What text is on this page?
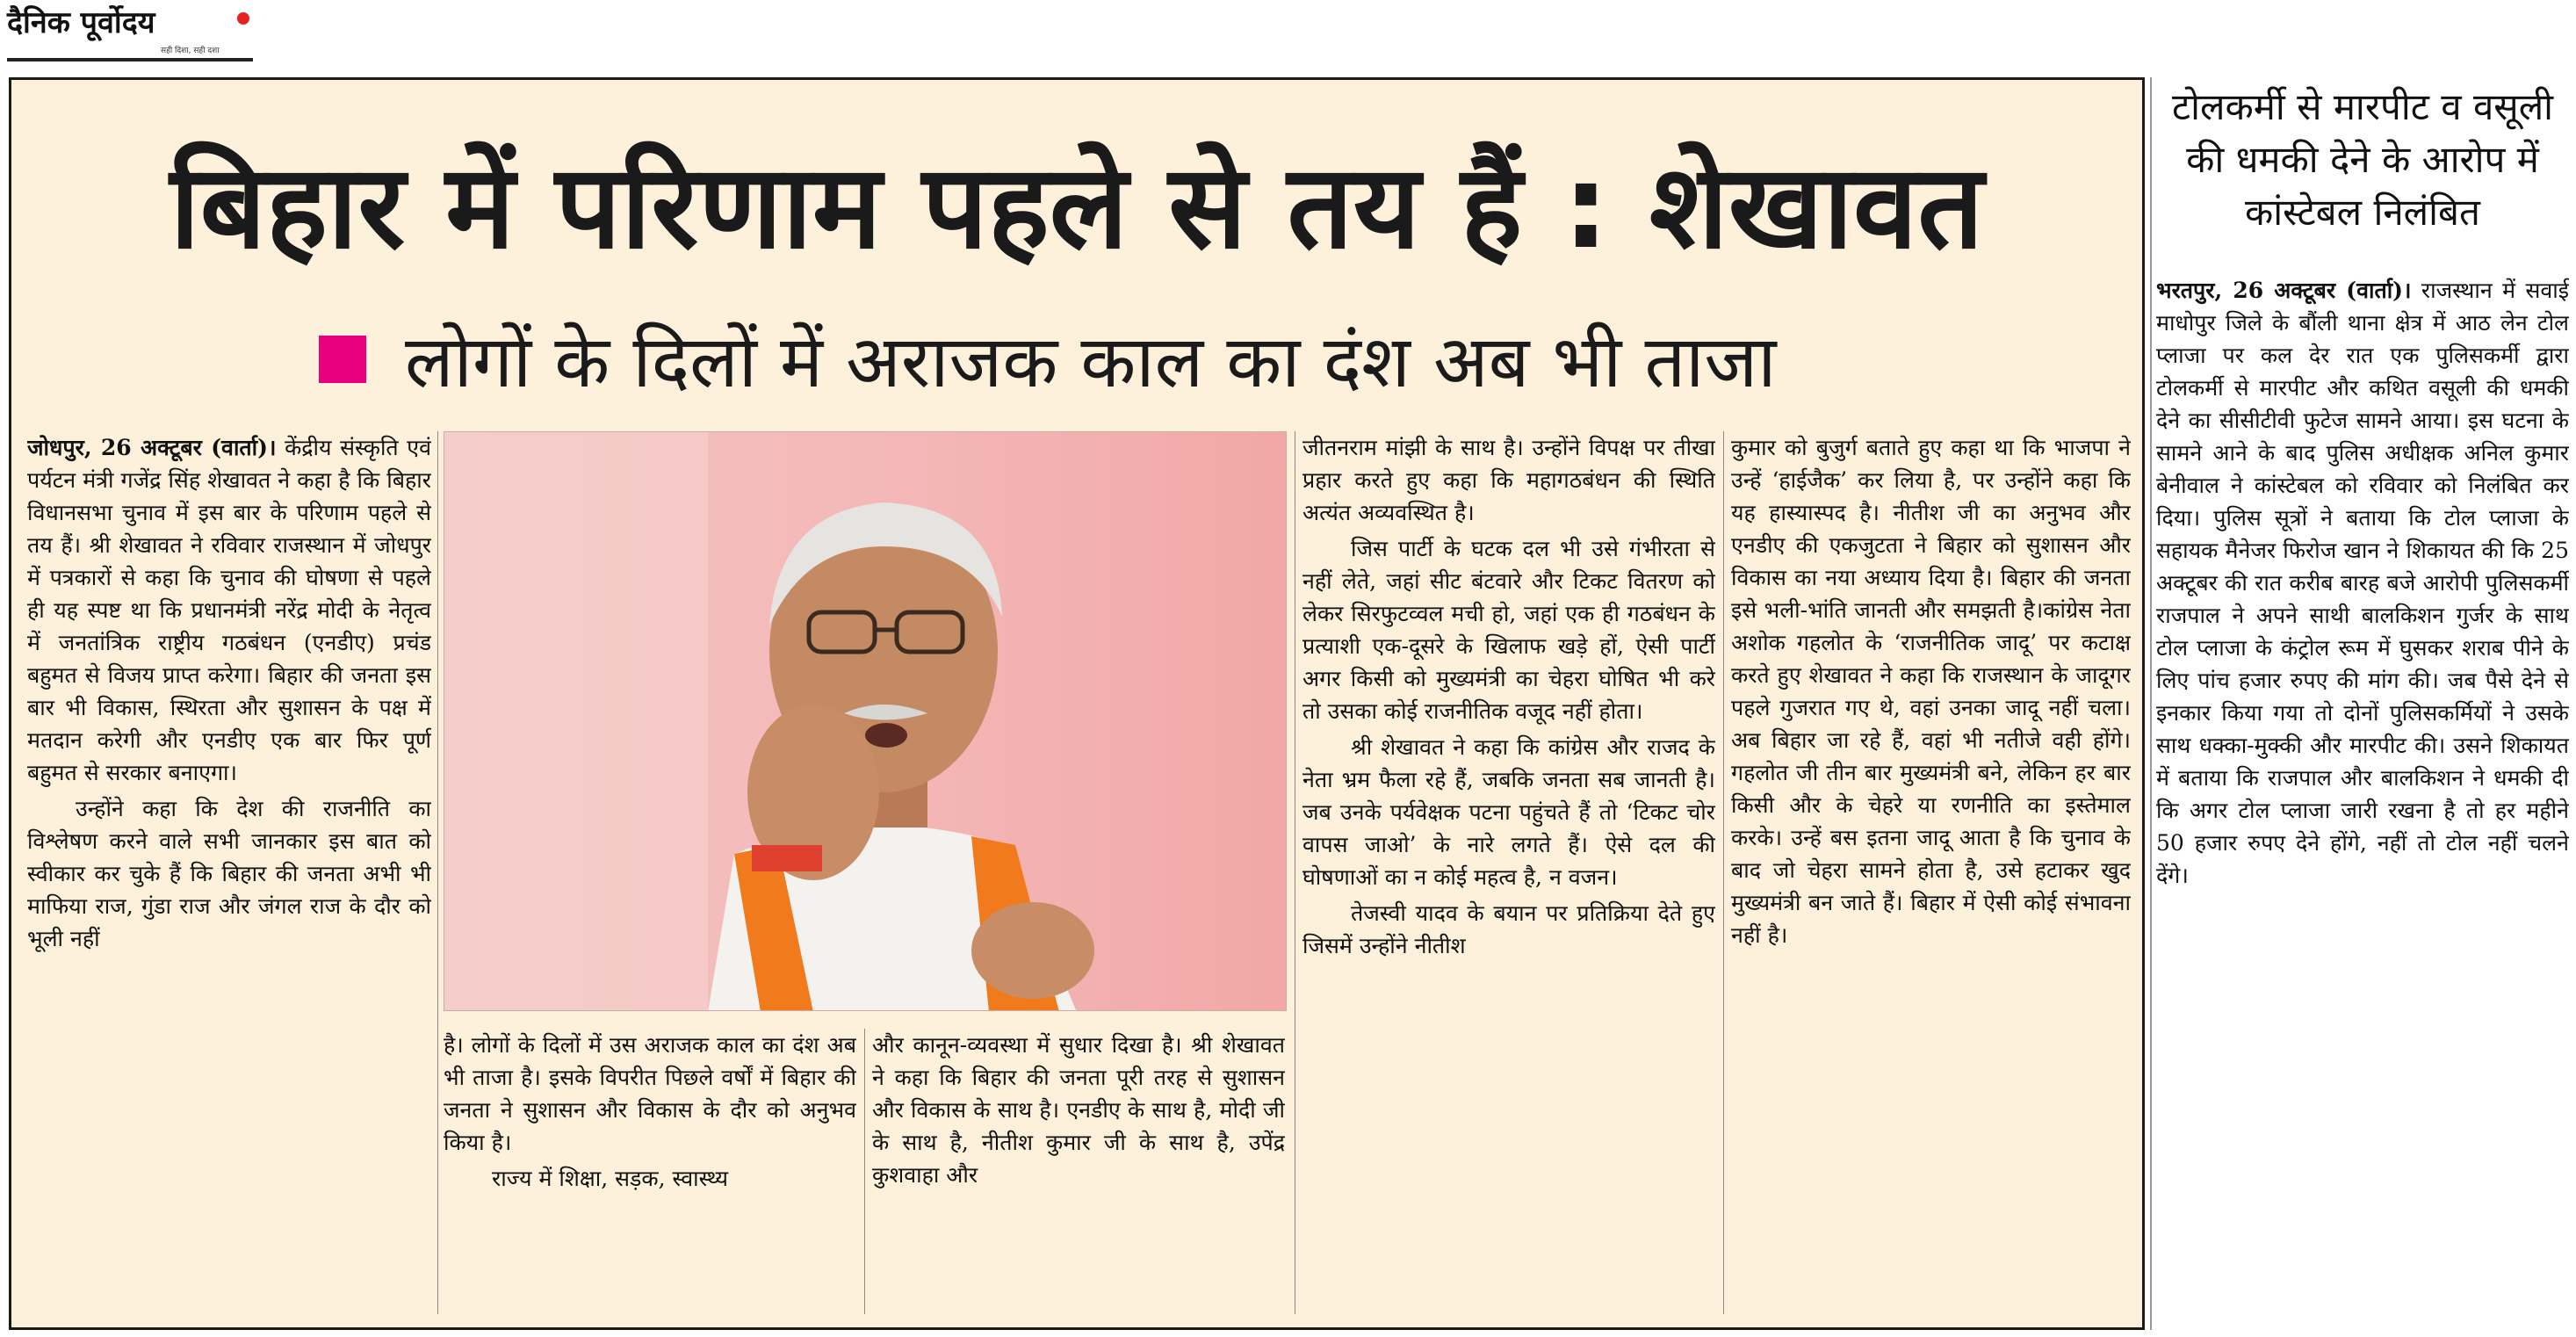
दैनिक पूर्वोदय
सही दिशा, सही दशा
बिहार में परिणाम पहले से तय हैं : शेखावत
लोगों के दिलों में अराजक काल का दंश अब भी ताजा

जोधपुर, 26 अक्टूबर (वार्ता)। केंद्रीय संस्कृति एवं पर्यटन मंत्री गजेंद्र सिंह शेखावत ने कहा है कि बिहार विधानसभा चुनाव में इस बार के परिणाम पहले से तय हैं। श्री शेखावत ने रविवार राजस्थान में जोधपुर में पत्रकारों से कहा कि चुनाव की घोषणा से पहले ही यह स्पष्ट था कि प्रधानमंत्री नरेंद्र मोदी के नेतृत्व में जनतांत्रिक राष्ट्रीय गठबंधन (एनडीए) प्रचंड बहुमत से विजय प्राप्त करेगा। बिहार की जनता इस बार भी विकास, स्थिरता और सुशासन के पक्ष में मतदान करेगी और एनडीए एक बार फिर पूर्ण बहुमत से सरकार बनाएगा।

उन्होंने कहा कि देश की राजनीति का विश्लेषण करने वाले सभी जानकार इस बात को स्वीकार कर चुके हैं कि बिहार की जनता अभी भी माफिया राज, गुंडा राज और जंगल राज के दौर को भूली नहीं

है। लोगों के दिलों में उस अराजक काल का दंश अब भी ताजा है। इसके विपरीत पिछले वर्षों में बिहार की जनता ने सुशासन और विकास के दौर को अनुभव किया है।

राज्य में शिक्षा, सड़क, स्वास्थ्य

और कानून-व्यवस्था में सुधार दिखा है। श्री शेखावत ने कहा कि बिहार की जनता पूरी तरह से सुशासन और विकास के साथ है। एनडीए के साथ है, मोदी जी के साथ है, नीतीश कुमार जी के साथ है, उपेंद्र कुशवाहा और

जीतनराम मांझी के साथ है। उन्होंने विपक्ष पर तीखा प्रहार करते हुए कहा कि महागठबंधन की स्थिति अत्यंत अव्यवस्थित है।

जिस पार्टी के घटक दल भी उसे गंभीरता से नहीं लेते, जहां सीट बंटवारे और टिकट वितरण को लेकर सिरफुटव्वल मची हो, जहां एक ही गठबंधन के प्रत्याशी एक-दूसरे के खिलाफ खड़े हों, ऐसी पार्टी अगर किसी को मुख्यमंत्री का चेहरा घोषित भी करे तो उसका कोई राजनीतिक वजूद नहीं होता।

श्री शेखावत ने कहा कि कांग्रेस और राजद के नेता भ्रम फैला रहे हैं, जबकि जनता सब जानती है। जब उनके पर्यवेक्षक पटना पहुंचते हैं तो ‘टिकट चोर वापस जाओ’ के नारे लगते हैं। ऐसे दल की घोषणाओं का न कोई महत्व है, न वजन।

तेजस्वी यादव के बयान पर प्रतिक्रिया देते हुए जिसमें उन्होंने नीतीश

कुमार को बुजुर्ग बताते हुए कहा था कि भाजपा ने उन्हें ‘हाईजैक’ कर लिया है, पर उन्होंने कहा कि यह हास्यास्पद है। नीतीश जी का अनुभव और एनडीए की एकजुटता ने बिहार को सुशासन और विकास का नया अध्याय दिया है। बिहार की जनता इसे भली-भांति जानती और समझती है।कांग्रेस नेता अशोक गहलोत के ‘राजनीतिक जादू’ पर कटाक्ष करते हुए शेखावत ने कहा कि राजस्थान के जादूगर पहले गुजरात गए थे, वहां उनका जादू नहीं चला। अब बिहार जा रहे हैं, वहां भी नतीजे वही होंगे। गहलोत जी तीन बार मुख्यमंत्री बने, लेकिन हर बार किसी और के चेहरे या रणनीति का इस्तेमाल करके। उन्हें बस इतना जादू आता है कि चुनाव के बाद जो चेहरा सामने होता है, उसे हटाकर खुद मुख्यमंत्री बन जाते हैं। बिहार में ऐसी कोई संभावना नहीं है।

टोलकर्मी से मारपीट व वसूली की धमकी देने के आरोप में कांस्टेबल निलंबित

भरतपुर, 26 अक्टूबर (वार्ता)। राजस्थान में सवाई माधोपुर जिले के बौंली थाना क्षेत्र में आठ लेन टोल प्लाजा पर कल देर रात एक पुलिसकर्मी द्वारा टोलकर्मी से मारपीट और कथित वसूली की धमकी देने का सीसीटीवी फुटेज सामने आया। इस घटना के सामने आने के बाद पुलिस अधीक्षक अनिल कुमार बेनीवाल ने कांस्टेबल को रविवार को निलंबित कर दिया। पुलिस सूत्रों ने बताया कि टोल प्लाजा के सहायक मैनेजर फिरोज खान ने शिकायत की कि 25 अक्टूबर की रात करीब बारह बजे आरोपी पुलिसकर्मी राजपाल ने अपने साथी बालकिशन गुर्जर के साथ टोल प्लाजा के कंट्रोल रूम में घुसकर शराब पीने के लिए पांच हजार रुपए की मांग की। जब पैसे देने से इनकार किया गया तो दोनों पुलिसकर्मियों ने उसके साथ धक्का-मुक्की और मारपीट की। उसने शिकायत में बताया कि राजपाल और बालकिशन ने धमकी दी कि अगर टोल प्लाजा जारी रखना है तो हर महीने 50 हजार रुपए देने होंगे, नहीं तो टोल नहीं चलने देंगे।
